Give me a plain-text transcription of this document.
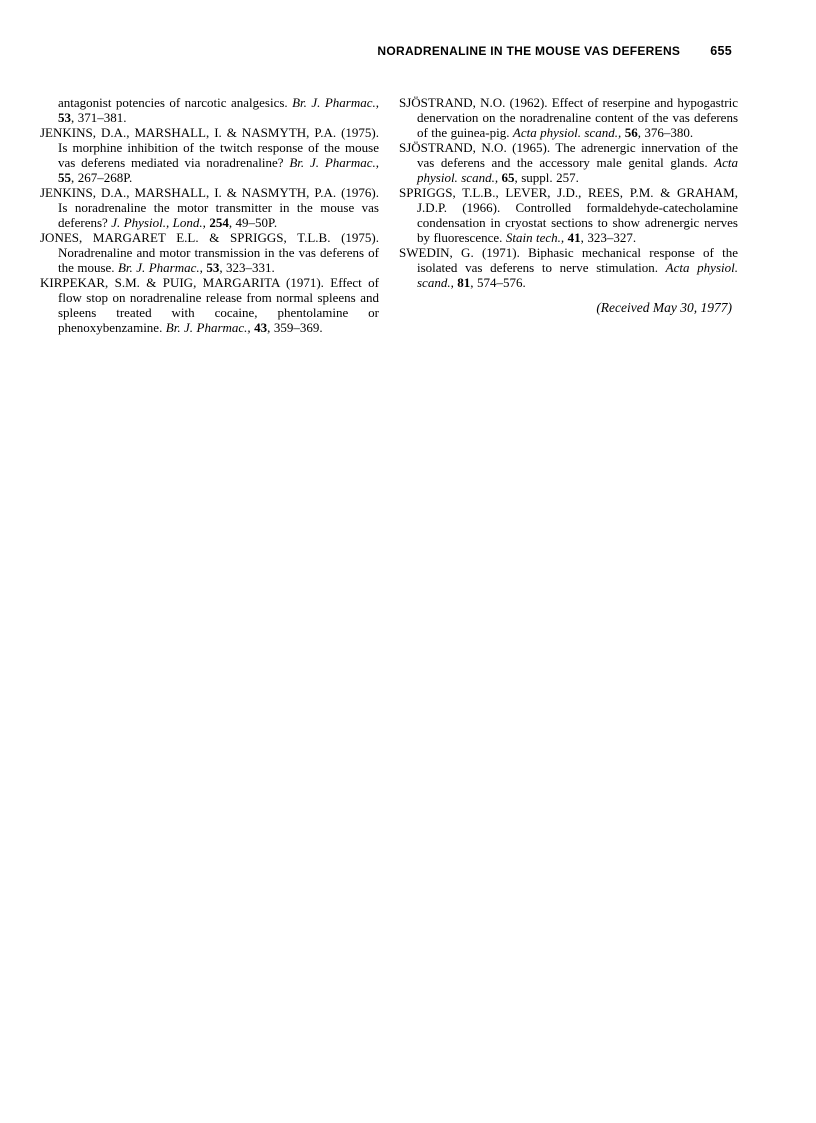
NORADRENALINE IN THE MOUSE VAS DEFERENS 655

antagonist potencies of narcotic analgesics. Br. J. Pharmac., 53, 371–381.

JENKINS, D.A., MARSHALL, I. & NASMYTH, P.A. (1975). Is morphine inhibition of the twitch response of the mouse vas deferens mediated via noradrenaline? Br. J. Pharmac., 55, 267–268P.

JENKINS, D.A., MARSHALL, I. & NASMYTH, P.A. (1976). Is noradrenaline the motor transmitter in the mouse vas deferens? J. Physiol., Lond., 254, 49–50P.

JONES, MARGARET E.L. & SPRIGGS, T.L.B. (1975). Noradrenaline and motor transmission in the vas deferens of the mouse. Br. J. Pharmac., 53, 323–331.

KIRPEKAR, S.M. & PUIG, MARGARITA (1971). Effect of flow stop on noradrenaline release from normal spleens and spleens treated with cocaine, phentolamine or phenoxybenzamine. Br. J. Pharmac., 43, 359–369.

SJÖSTRAND, N.O. (1962). Effect of reserpine and hypogastric denervation on the noradrenaline content of the vas deferens of the guinea-pig. Acta physiol. scand., 56, 376–380.

SJÖSTRAND, N.O. (1965). The adrenergic innervation of the vas deferens and the accessory male genital glands. Acta physiol. scand., 65, suppl. 257.

SPRIGGS, T.L.B., LEVER, J.D., REES, P.M. & GRAHAM, J.D.P. (1966). Controlled formaldehyde-catecholamine condensation in cryostat sections to show adrenergic nerves by fluorescence. Stain tech., 41, 323–327.

SWEDIN, G. (1971). Biphasic mechanical response of the isolated vas deferens to nerve stimulation. Acta physiol. scand., 81, 574–576.

(Received May 30, 1977)
